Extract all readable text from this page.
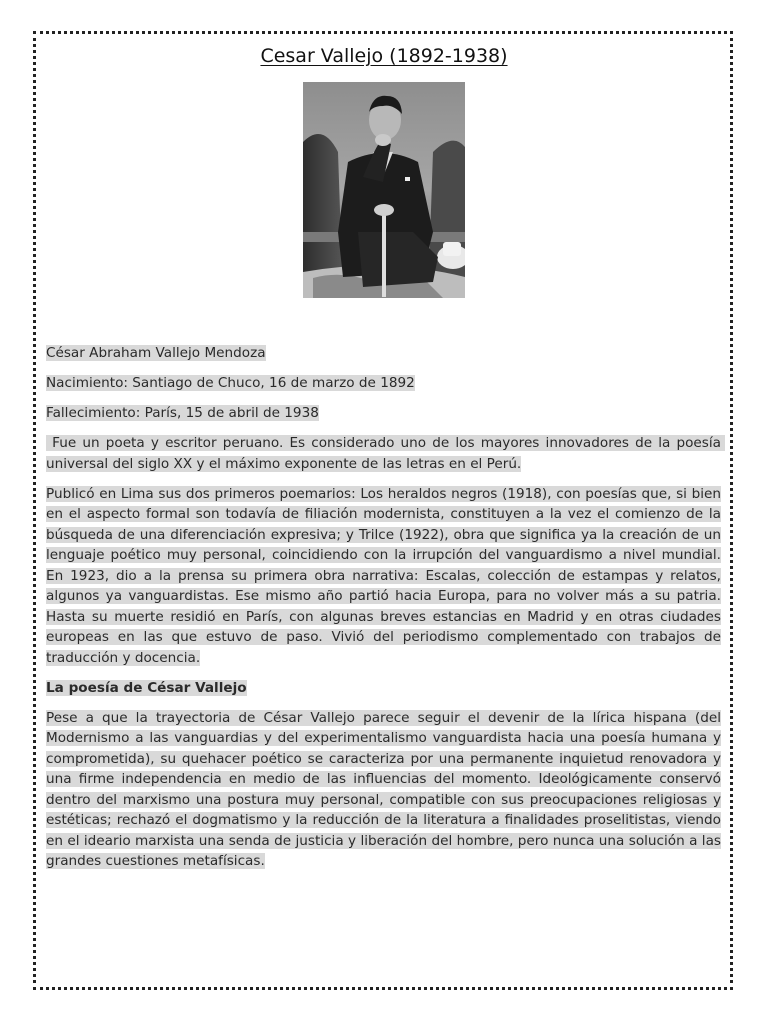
Cesar Vallejo (1892-1938)

César Abraham Vallejo Mendoza

Nacimiento: Santiago de Chuco, 16 de marzo de 1892

Fallecimiento: París, 15 de abril de 1938

Fue un poeta y escritor peruano. Es considerado uno de los mayores innovadores de la poesía universal del siglo XX y el máximo exponente de las letras en el Perú.

Publicó en Lima sus dos primeros poemarios: Los heraldos negros (1918), con poesías que, si bien en el aspecto formal son todavía de filiación modernista, constituyen a la vez el comienzo de la búsqueda de una diferenciación expresiva; y Trilce (1922), obra que significa ya la creación de un lenguaje poético muy personal, coincidiendo con la irrupción del vanguardismo a nivel mundial. En 1923, dio a la prensa su primera obra narrativa: Escalas, colección de estampas y relatos, algunos ya vanguardistas. Ese mismo año partió hacia Europa, para no volver más a su patria. Hasta su muerte residió en París, con algunas breves estancias en Madrid y en otras ciudades europeas en las que estuvo de paso. Vivió del periodismo complementado con trabajos de traducción y docencia.

La poesía de César Vallejo

Pese a que la trayectoria de César Vallejo parece seguir el devenir de la lírica hispana (del Modernismo a las vanguardias y del experimentalismo vanguardista hacia una poesía humana y comprometida), su quehacer poético se caracteriza por una permanente inquietud renovadora y una firme independencia en medio de las influencias del momento. Ideológicamente conservó dentro del marxismo una postura muy personal, compatible con sus preocupaciones religiosas y estéticas; rechazó el dogmatismo y la reducción de la literatura a finalidades proselitistas, viendo en el ideario marxista una senda de justicia y liberación del hombre, pero nunca una solución a las grandes cuestiones metafísicas.
